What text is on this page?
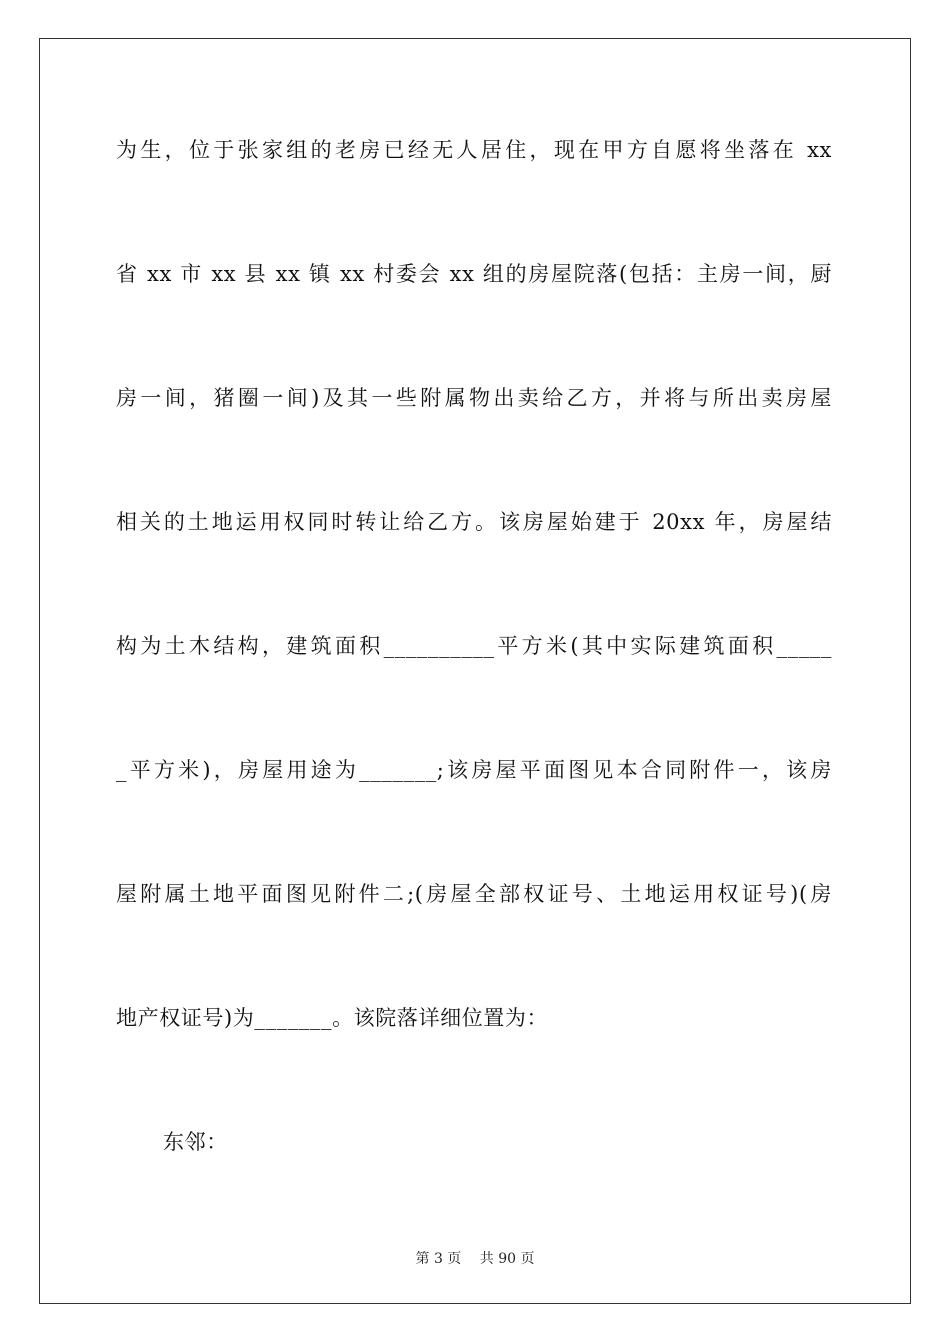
为生，位于张家组的老房已经无人居住，现在甲方自愿将坐落在 xx
省 xx 市 xx 县 xx 镇 xx 村委会 xx 组的房屋院落(包括：主房一间，厨
房一间，猪圈一间)及其一些附属物出卖给乙方，并将与所出卖房屋
相关的土地运用权同时转让给乙方。该房屋始建于 20xx 年，房屋结
构为土木结构，建筑面积__________平方米(其中实际建筑面积_____
_平方米)，房屋用途为_______;该房屋平面图见本合同附件一，该房
屋附属土地平面图见附件二;(房屋全部权证号、土地运用权证号)(房
地产权证号)为_______。该院落详细位置为：
东邻：
第 3 页 共 90 页
